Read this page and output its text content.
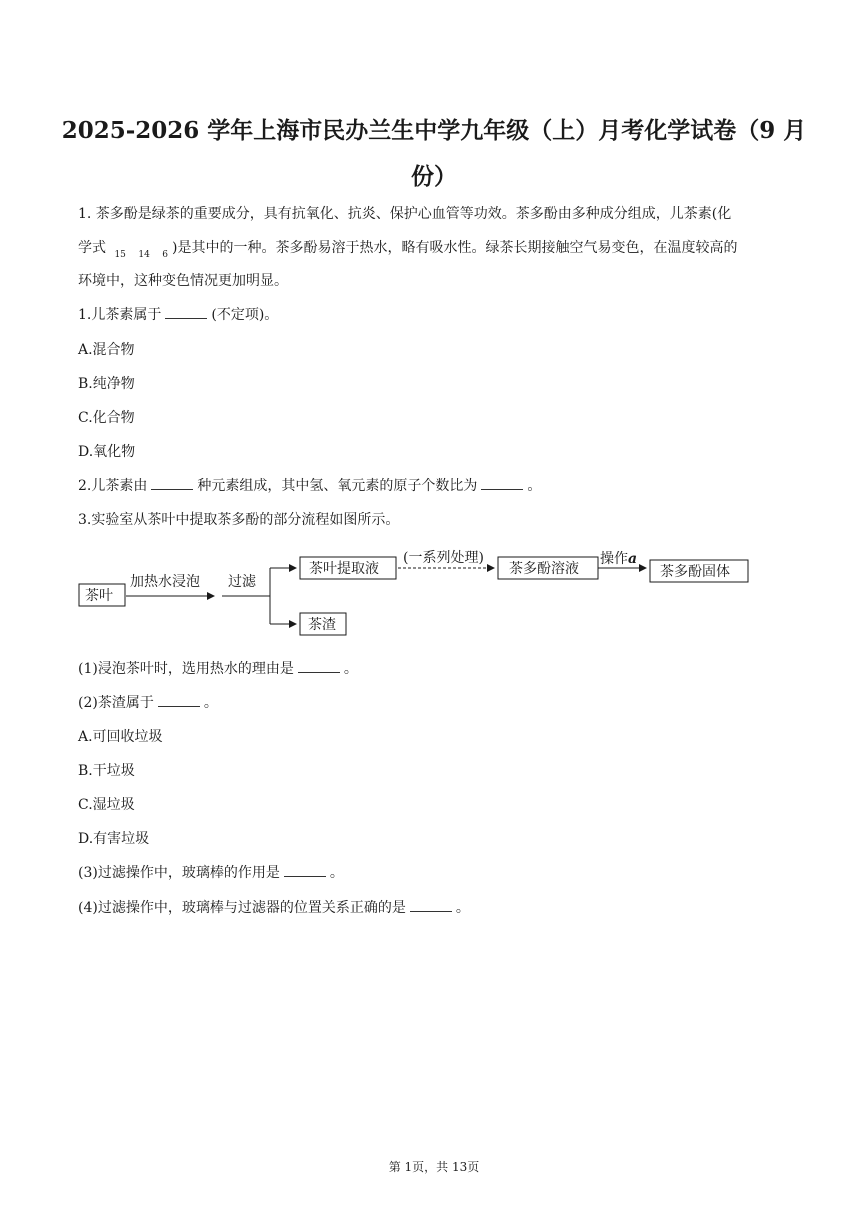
2025-2026 学年上海市民办兰生中学九年级（上）月考化学试卷（9 月
份）
1. 茶多酚是绿茶的重要成分，具有抗氧化、抗炎、保护心血管等功效。茶多酚由多种成分组成，儿茶素(化
学式 $_{15}$ $_{14}$ $_6$ )是其中的一种。茶多酚易溶于热水，略有吸水性。绿茶长期接触空气易变色，在温度较高的
环境中，这种变色情况更加明显。
1.儿茶素属于	(不定项)。
A.混合物
B.纯净物
C.化合物
D.氧化物
2.儿茶素由	种元素组成，其中氢、氧元素的原子个数比为	。
3.实验室从茶叶中提取茶多酚的部分流程如图所示。
茶叶
加热水浸泡 过滤
茶叶提取液
茶渣
(一系列处理)
茶多酚溶液
操作a
茶多酚固体
(1)浸泡茶叶时，选用热水的理由是	。
(2)茶渣属于	。
A.可回收垃圾
B.干垃圾
C.湿垃圾
D.有害垃圾
(3)过滤操作中，玻璃棒的作用是	。
(4)过滤操作中，玻璃棒与过滤器的位置关系正确的是	。
第 1页，共 13页
